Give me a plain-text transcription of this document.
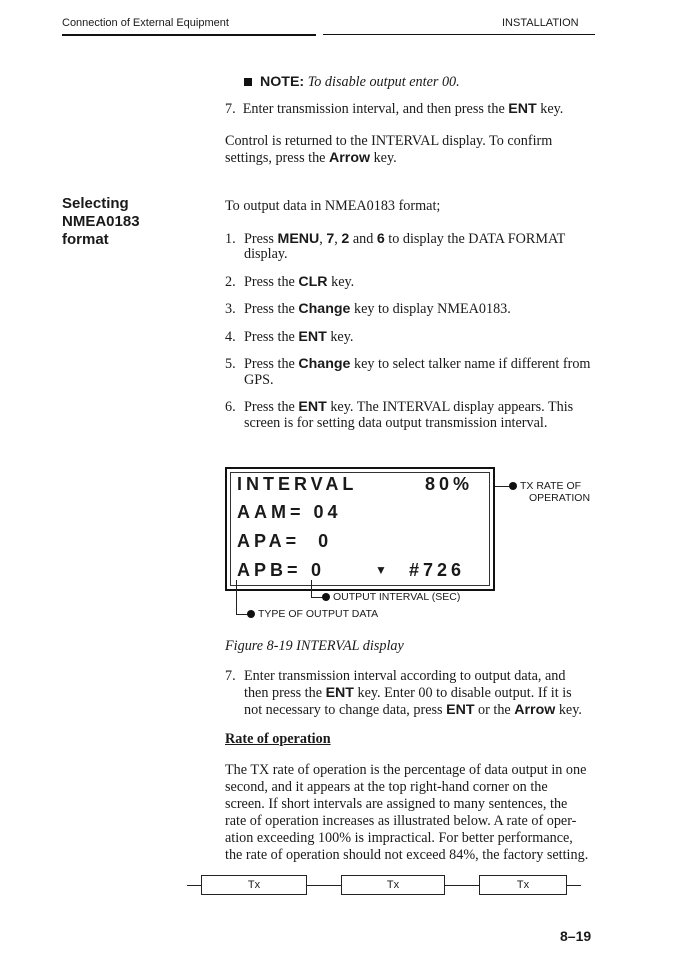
Connection of External Equipment	INSTALLATION
NOTE: To disable output enter 00.
7. Enter transmission interval, and then press the ENT key.
Control is returned to the INTERVAL display. To confirm
settings, press the Arrow key.
Selecting
NMEA0183
format
To output data in NMEA0183 format;
1. Press MENU, 7, 2 and 6 to display the DATA FORMAT
display.
2. Press the CLR key.
3. Press the Change key to display NMEA0183.
4. Press the ENT key.
5. Press the Change key to select talker name if different from
GPS.
6. Press the ENT key. The INTERVAL display appears. This
screen is for setting data output transmission interval.
INTERVAL	80%
AAM= 04
APA=  0
APB= 0	▼ #726
TX RATE OF
OPERATION
OUTPUT INTERVAL (SEC)
TYPE OF OUTPUT DATA
Figure 8-19 INTERVAL display
7. Enter transmission interval according to output data, and
then press the ENT key. Enter 00 to disable output. If it is
not necessary to change data, press ENT or the Arrow key.
Rate of operation
The TX rate of operation is the percentage of data output in one
second, and it appears at the top right-hand corner on the
screen. If short intervals are assigned to many sentences, the
rate of operation increases as illustrated below. A rate of oper-
ation exceeding 100% is impractical. For better performance,
the rate of operation should not exceed 84%, the factory setting.
Tx	Tx	Tx
8–19
